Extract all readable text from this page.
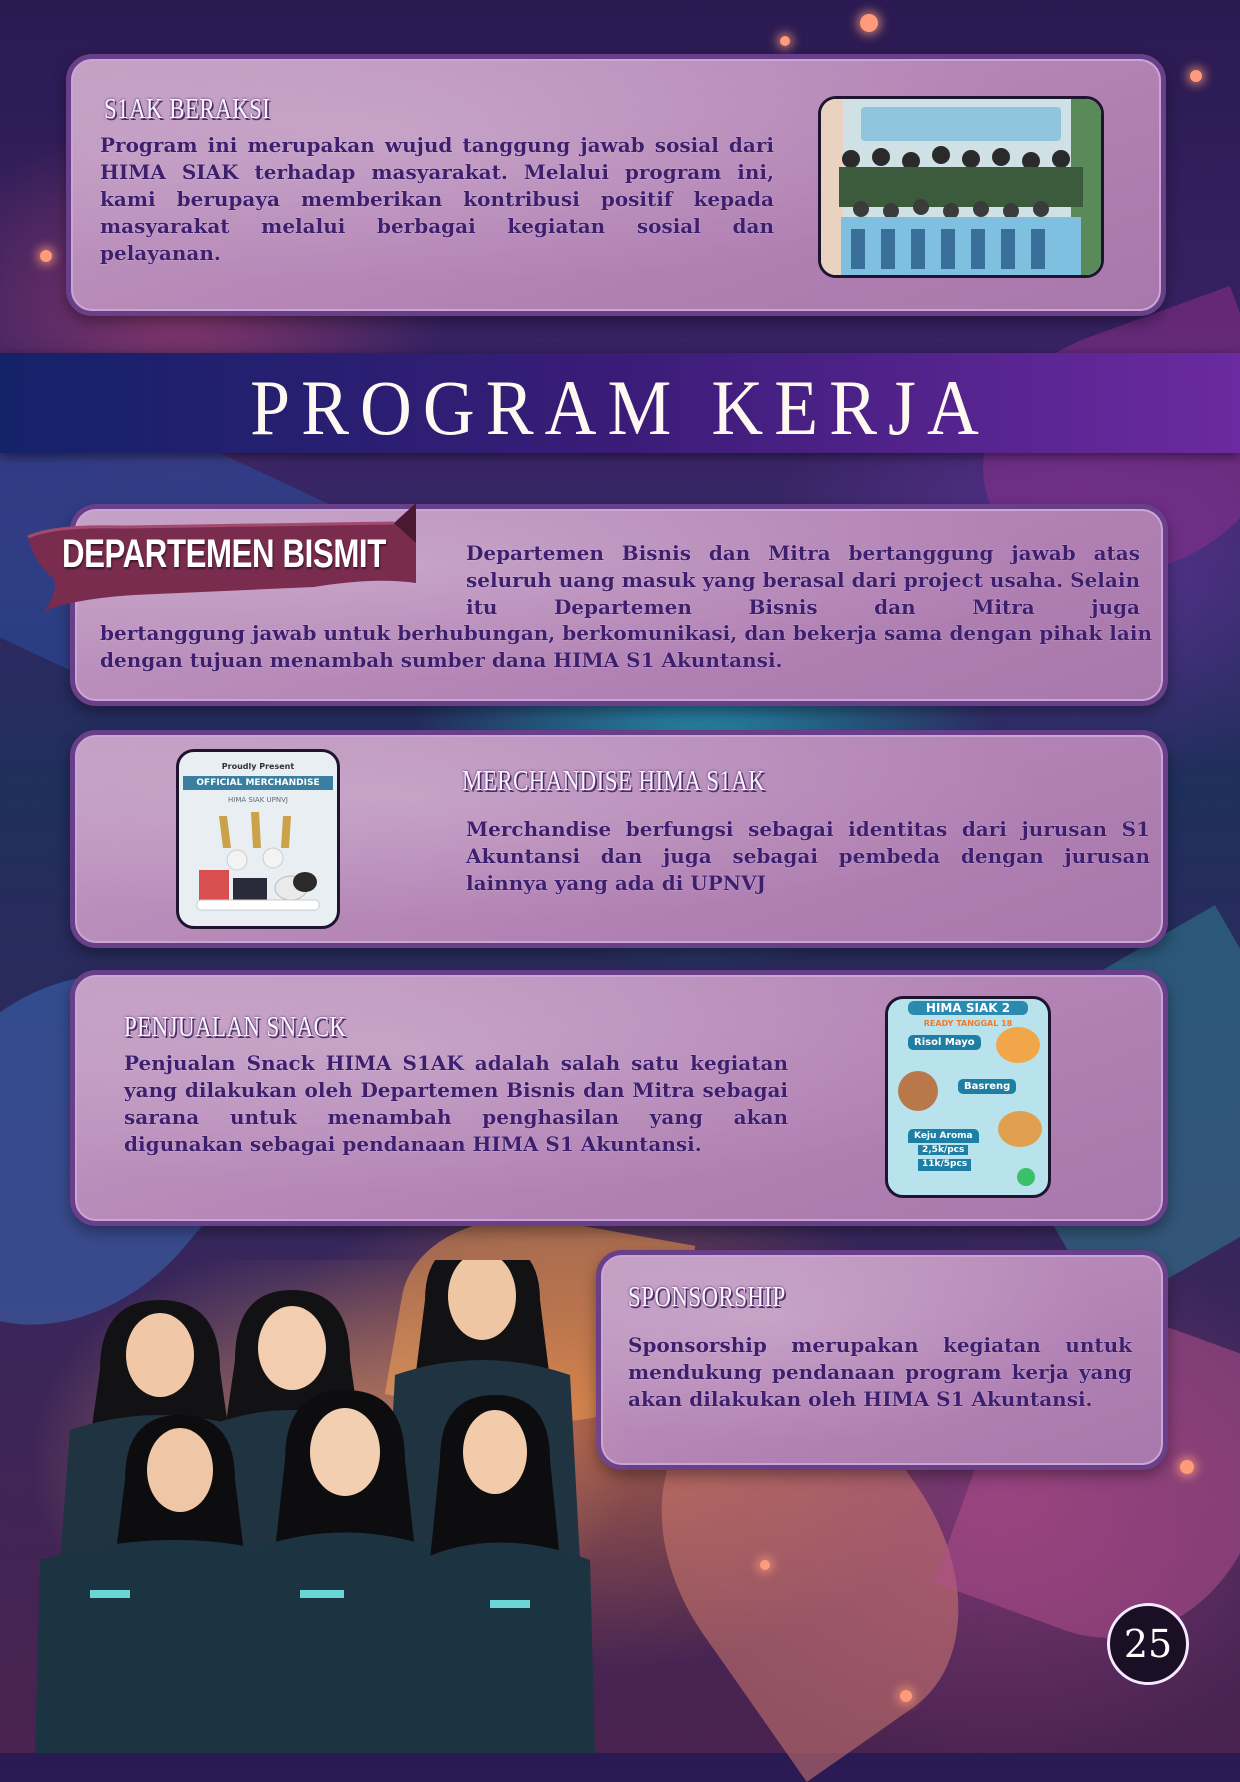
S1AK BERAKSI

Program ini merupakan wujud tanggung jawab sosial dari HIMA SIAK terhadap masyarakat. Melalui program ini, kami berupaya memberikan kontribusi positif kepada masyarakat melalui berbagai kegiatan sosial dan pelayanan.

PROGRAM KERJA

DEPARTEMEN BISMIT	Departemen Bisnis dan Mitra bertanggung jawab atas seluruh uang masuk yang berasal dari project usaha. Selain itu Departemen Bisnis dan Mitra juga

bertanggung jawab untuk berhubungan, berkomunikasi, dan bekerja sama dengan pihak lain dengan tujuan menambah sumber dana HIMA S1 Akuntansi.

Proudly Present

OFFICIAL MERCHANDISE

HIMA SIAK UPNVJ

MERCHANDISE HIMA S1AK

Merchandise berfungsi sebagai identitas dari jurusan S1 Akuntansi dan juga sebagai pembeda dengan jurusan lainnya yang ada di UPNVJ

PENJUALAN SNACK

Penjualan Snack HIMA S1AK adalah salah satu kegiatan yang dilakukan oleh Departemen Bisnis dan Mitra sebagai sarana untuk menambah penghasilan yang akan digunakan sebagai pendanaan HIMA S1 Akuntansi.

HIMA SIAK 2

READY TANGGAL 18

Risol Mayo

Basreng

Keju Aroma

2,5k/pcs

11k/5pcs

SPONSORSHIP

Sponsorship merupakan kegiatan untuk mendukung pendanaan program kerja yang akan dilakukan oleh HIMA S1 Akuntansi.

25
